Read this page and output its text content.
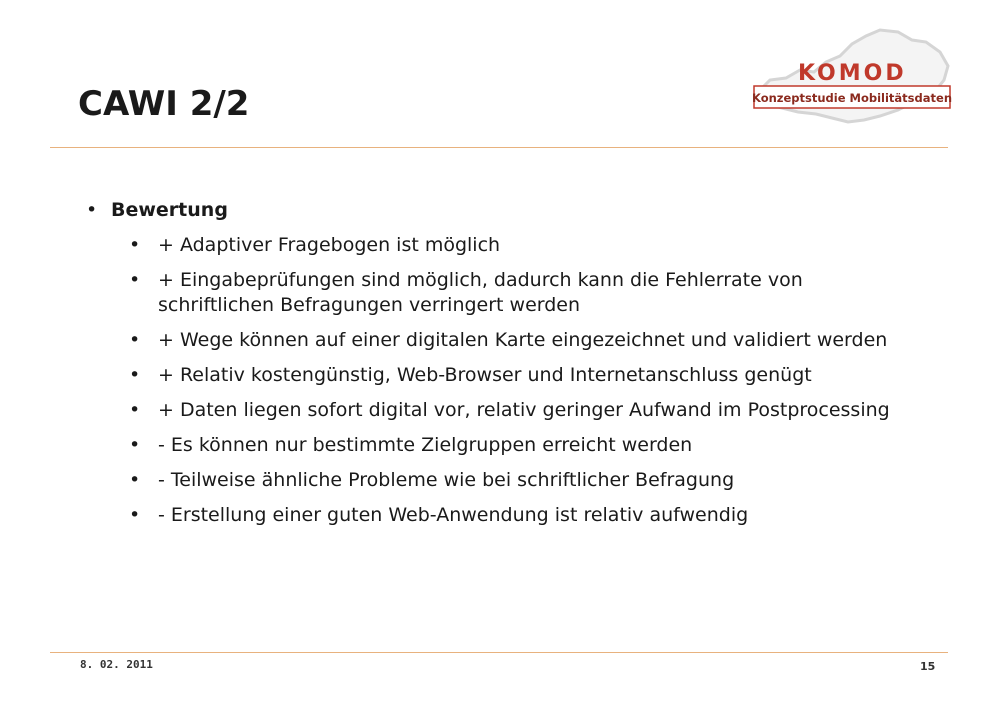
CAWI 2/2
KOMOD
Konzeptstudie Mobilitätsdaten
• Bewertung
• + Adaptiver Fragebogen ist möglich
• + Eingabeprüfungen sind möglich, dadurch kann die Fehlerrate von schriftlichen Befragungen verringert werden
• + Wege können auf einer digitalen Karte eingezeichnet und validiert werden
• + Relativ kostengünstig, Web-Browser und Internetanschluss genügt
• + Daten liegen sofort digital vor, relativ geringer Aufwand im Postprocessing
• - Es können nur bestimmte Zielgruppen erreicht werden
• - Teilweise ähnliche Probleme wie bei schriftlicher Befragung
• - Erstellung einer guten Web-Anwendung ist relativ aufwendig
8. 02. 2011	15
